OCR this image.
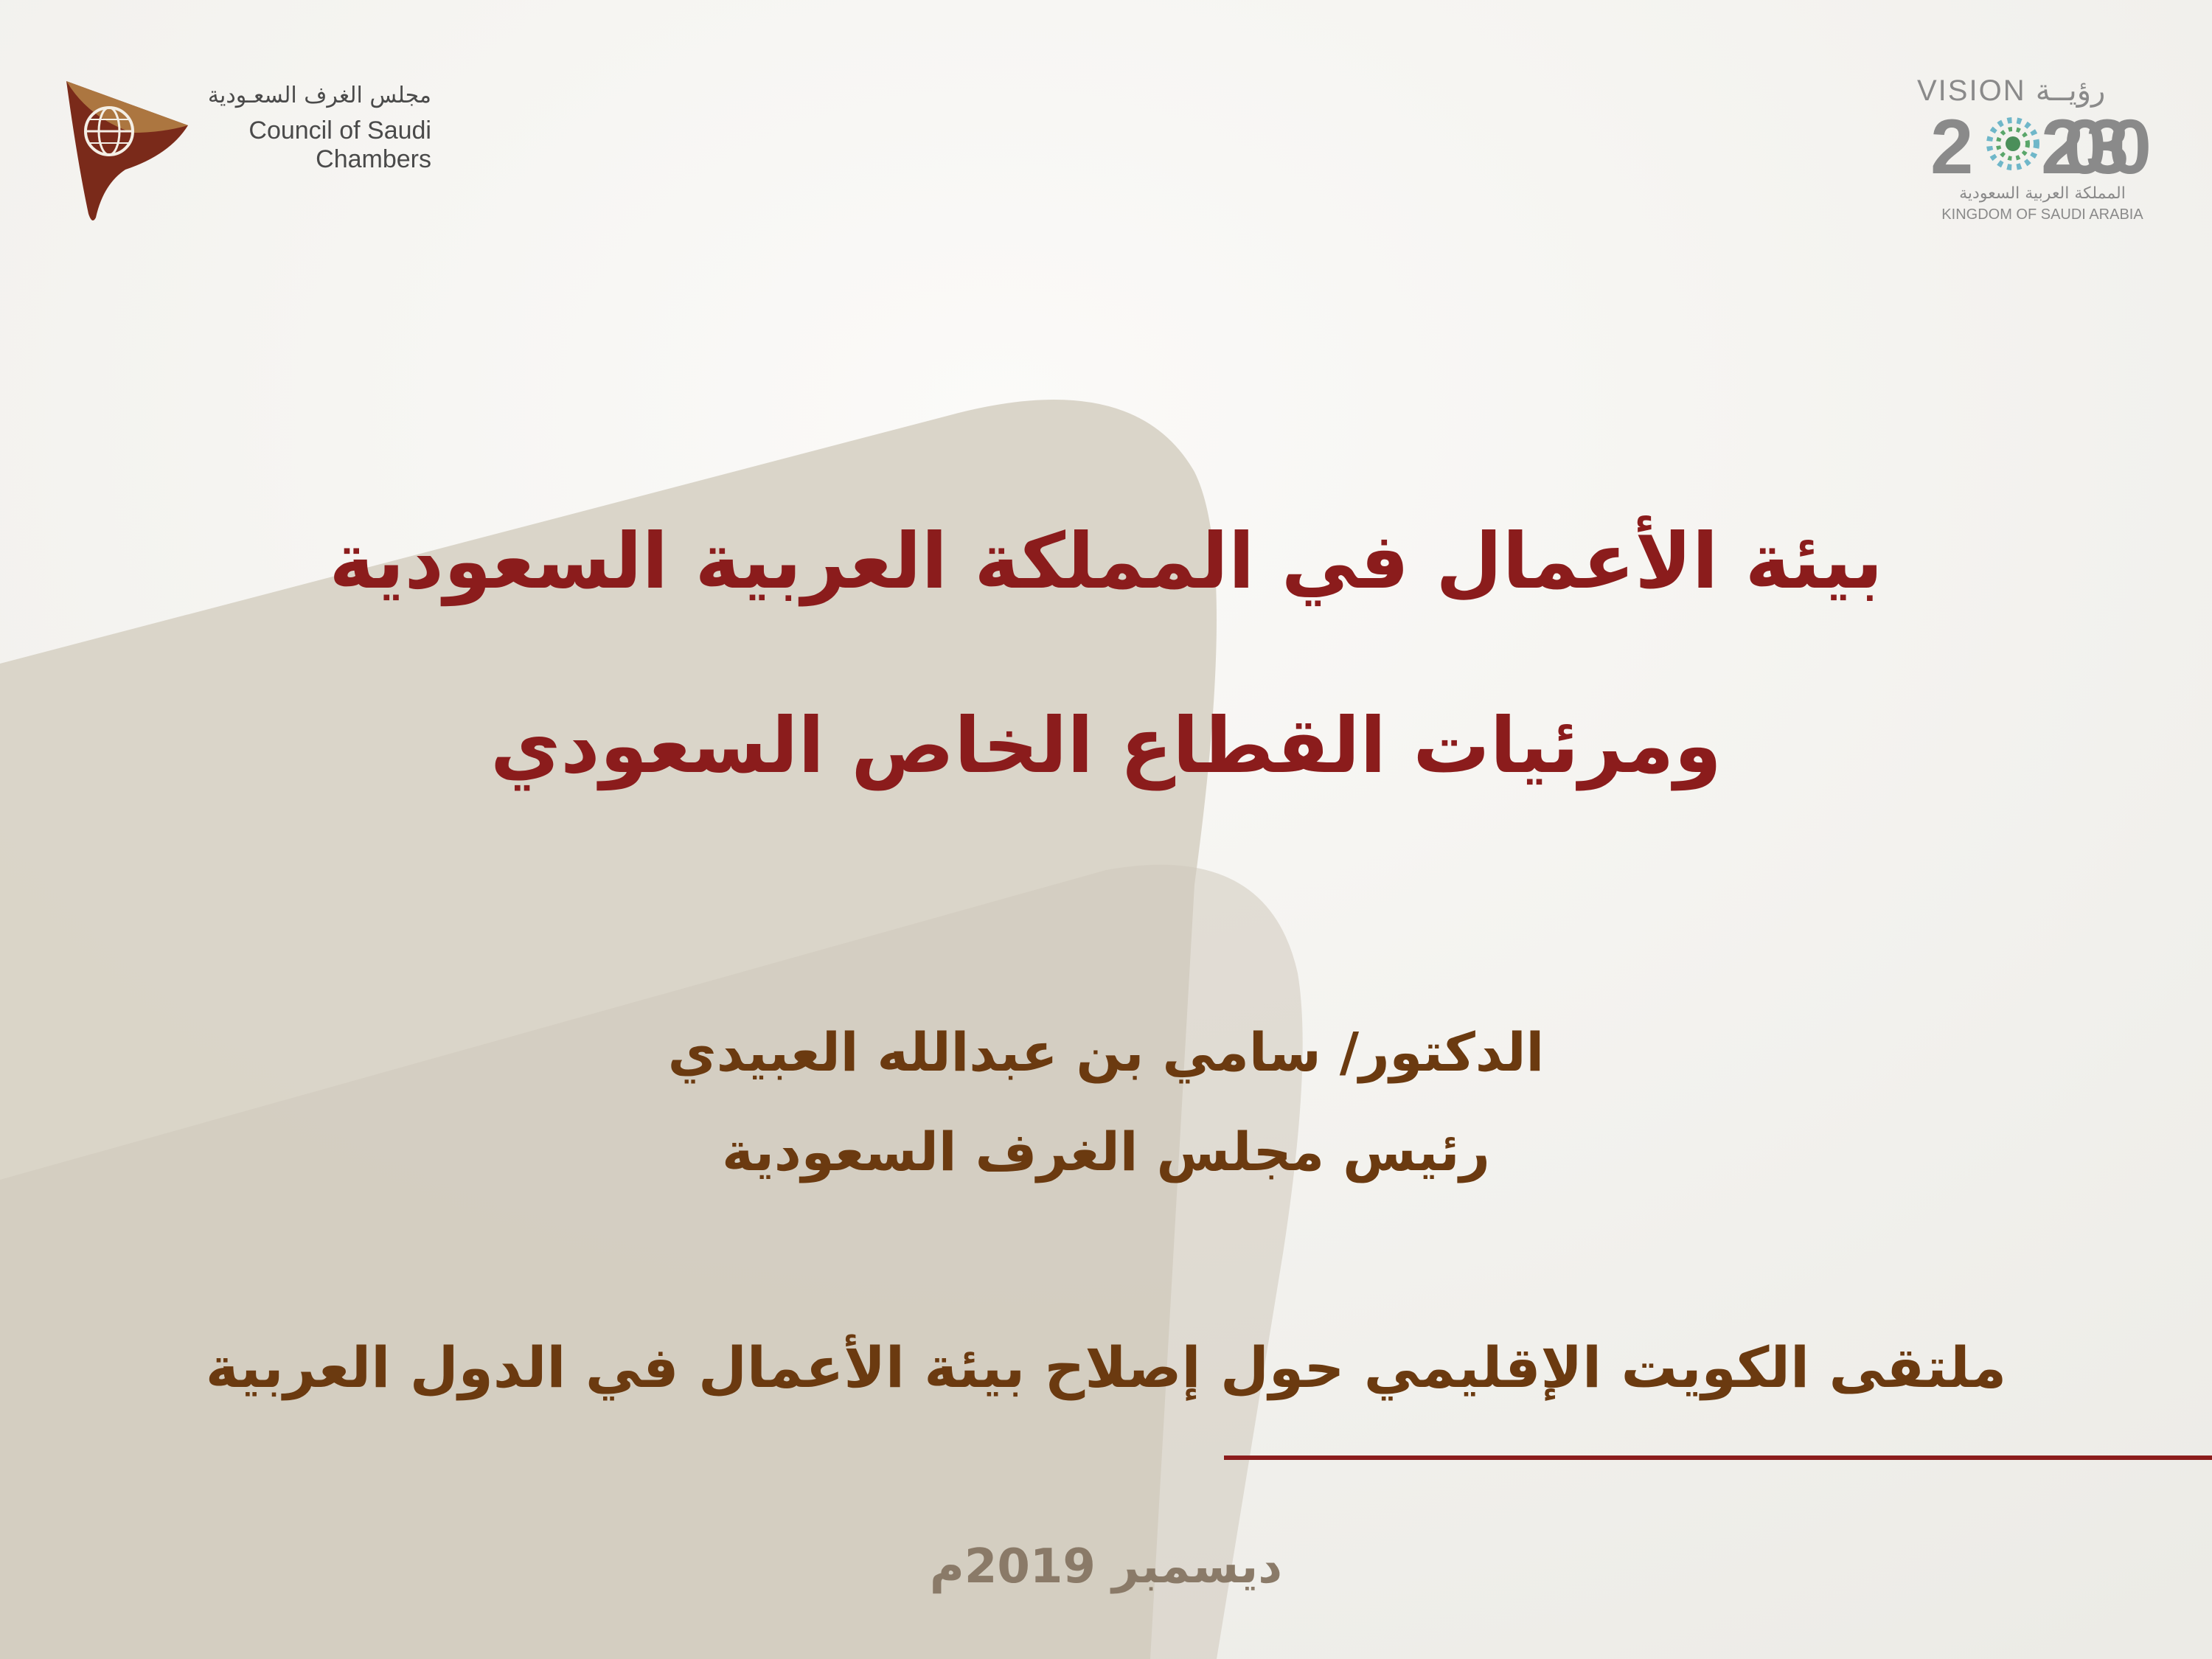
مجلس الغرف السعـودية
Council of Saudi Chambers
VISION رؤيــة
2 2030
المملكة العربية السعودية
KINGDOM OF SAUDI ARABIA
بيئة الأعمال في المملكة العربية السعودية
ومرئيات القطاع الخاص السعودي
الدكتور/ سامي بن عبدالله العبيدي
رئيس مجلس الغرف السعودية
ملتقى الكويت الإقليمي حول إصلاح بيئة الأعمال في الدول العربية
ديسمبر 2019م
